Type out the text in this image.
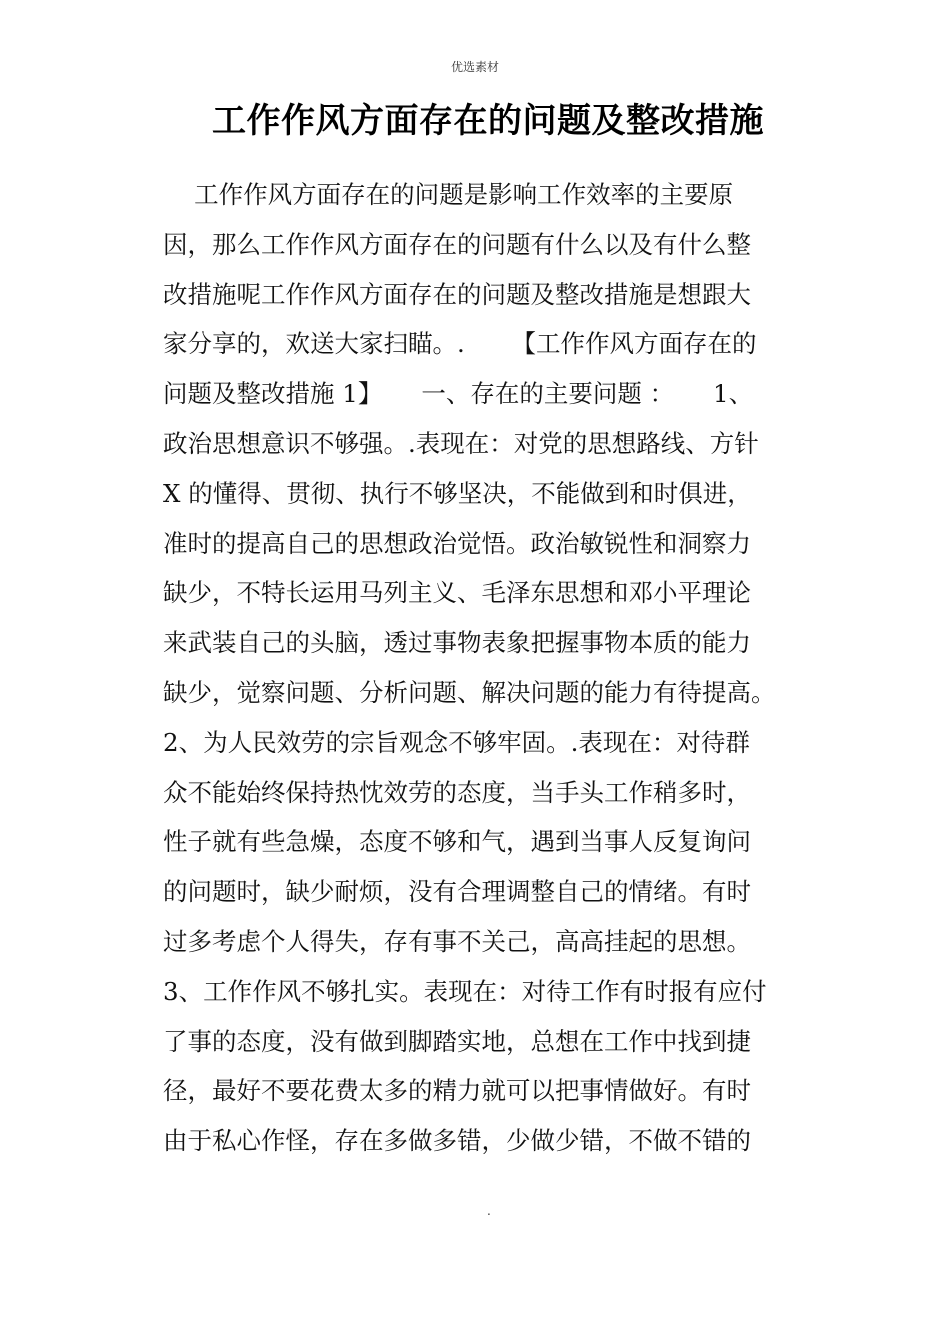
优选素材
工作作风方面存在的问题及整改措施
工作作风方面存在的问题是影响工作效率的主要原
因，那么工作作风方面存在的问题有什么以及有什么整
改措施呢工作作风方面存在的问题及整改措施是想跟大
家分享的，欢送大家扫瞄。.      【工作作风方面存在的
问题及整改措施 1】     一、存在的主要问题 ：     1、
政治思想意识不够强。.表现在：对党的思想路线、方针
X 的懂得、贯彻、执行不够坚决，不能做到和时俱进，
准时的提高自己的思想政治觉悟。政治敏锐性和洞察力
缺少，不特长运用马列主义、毛泽东思想和邓小平理论
来武装自己的头脑，透过事物表象把握事物本质的能力
缺少，觉察问题、分析问题、解决问题的能力有待提高。
2、为人民效劳的宗旨观念不够牢固。.表现在：对待群
众不能始终保持热忱效劳的态度，当手头工作稍多时，
性子就有些急燥，态度不够和气，遇到当事人反复询问
的问题时，缺少耐烦，没有合理调整自己的情绪。有时
过多考虑个人得失，存有事不关己，高高挂起的思想。
3、工作作风不够扎实。表现在：对待工作有时报有应付
了事的态度，没有做到脚踏实地，总想在工作中找到捷
径，最好不要花费太多的精力就可以把事情做好。有时
由于私心作怪，存在多做多错，少做少错，不做不错的
.
